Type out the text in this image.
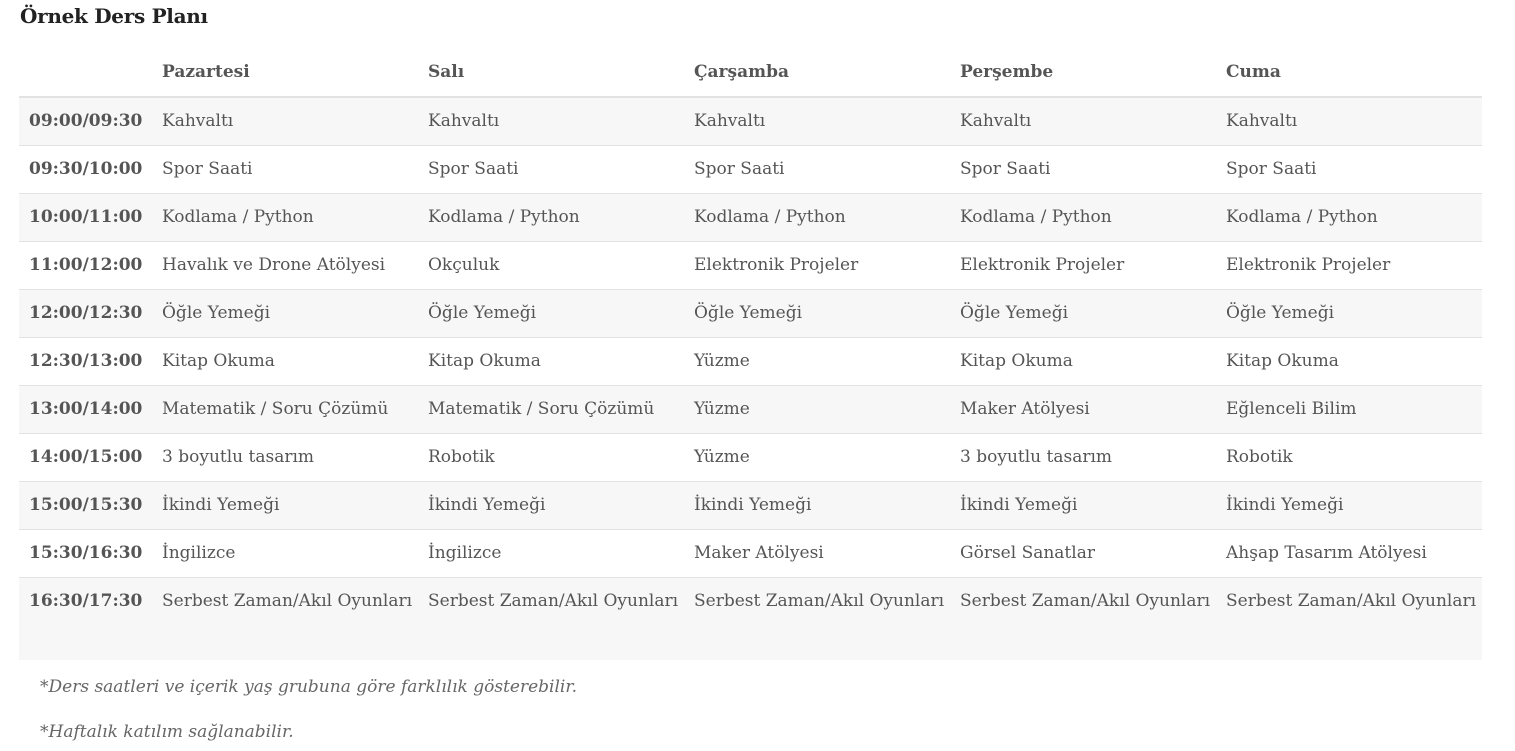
Örnek Ders Planı
	Pazartesi	Salı	Çarşamba	Perşembe	Cuma
09:00/09:30	Kahvaltı	Kahvaltı	Kahvaltı	Kahvaltı	Kahvaltı
09:30/10:00	Spor Saati	Spor Saati	Spor Saati	Spor Saati	Spor Saati
10:00/11:00	Kodlama / Python	Kodlama / Python	Kodlama / Python	Kodlama / Python	Kodlama / Python
11:00/12:00	Havalık ve Drone Atölyesi	Okçuluk	Elektronik Projeler	Elektronik Projeler	Elektronik Projeler
12:00/12:30	Öğle Yemeği	Öğle Yemeği	Öğle Yemeği	Öğle Yemeği	Öğle Yemeği
12:30/13:00	Kitap Okuma	Kitap Okuma	Yüzme	Kitap Okuma	Kitap Okuma
13:00/14:00	Matematik / Soru Çözümü	Matematik / Soru Çözümü	Yüzme	Maker Atölyesi	Eğlenceli Bilim
14:00/15:00	3 boyutlu tasarım	Robotik	Yüzme	3 boyutlu tasarım	Robotik
15:00/15:30	İkindi Yemeği	İkindi Yemeği	İkindi Yemeği	İkindi Yemeği	İkindi Yemeği
15:30/16:30	İngilizce	İngilizce	Maker Atölyesi	Görsel Sanatlar	Ahşap Tasarım Atölyesi
16:30/17:30	Serbest Zaman/Akıl Oyunları	Serbest Zaman/Akıl Oyunları	Serbest Zaman/Akıl Oyunları	Serbest Zaman/Akıl Oyunları	Serbest Zaman/Akıl Oyunları

*Ders saatleri ve içerik yaş grubuna göre farklılık gösterebilir.

*Haftalık katılım sağlanabilir.
